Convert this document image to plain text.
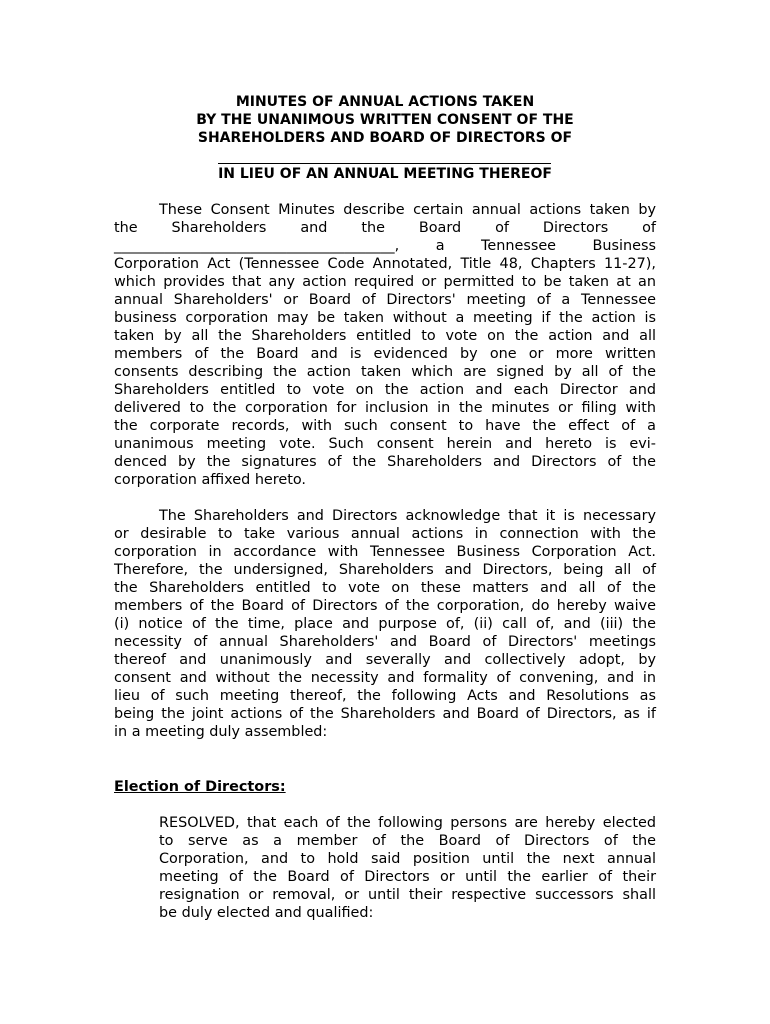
MINUTES OF ANNUAL ACTIONS TAKEN
BY THE UNANIMOUS WRITTEN CONSENT OF THE
SHAREHOLDERS AND BOARD OF DIRECTORS OF
IN LIEU OF AN ANNUAL MEETING THEREOF
These Consent Minutes describe certain annual actions taken by
the Shareholders and the Board of Directors of
_______________________________________, a Tennessee Business
Corporation Act (Tennessee Code Annotated, Title 48, Chapters 11-27),
which provides that any action required or permitted to be taken at an
annual Shareholders' or Board of Directors' meeting of a Tennessee
business corporation may be taken without a meeting if the action is
taken by all the Shareholders entitled to vote on the action and all
members of the Board and is evidenced by one or more written
consents describing the action taken which are signed by all of the
Shareholders entitled to vote on the action and each Director and
delivered to the corporation for inclusion in the minutes or filing with
the corporate records, with such consent to have the effect of a
unanimous meeting vote. Such consent herein and hereto is evi-
denced by the signatures of the Shareholders and Directors of the
corporation affixed hereto.
The Shareholders and Directors acknowledge that it is necessary
or desirable to take various annual actions in connection with the
corporation in accordance with Tennessee Business Corporation Act.
Therefore, the undersigned, Shareholders and Directors, being all of
the Shareholders entitled to vote on these matters and all of the
members of the Board of Directors of the corporation, do hereby waive
(i) notice of the time, place and purpose of, (ii) call of, and (iii) the
necessity of annual Shareholders' and Board of Directors' meetings
thereof and unanimously and severally and collectively adopt, by
consent and without the necessity and formality of convening, and in
lieu of such meeting thereof, the following Acts and Resolutions as
being the joint actions of the Shareholders and Board of Directors, as if
in a meeting duly assembled:
Election of Directors:
RESOLVED, that each of the following persons are hereby elected
to serve as a member of the Board of Directors of the
Corporation, and to hold said position until the next annual
meeting of the Board of Directors or until the earlier of their
resignation or removal, or until their respective successors shall
be duly elected and qualified:
